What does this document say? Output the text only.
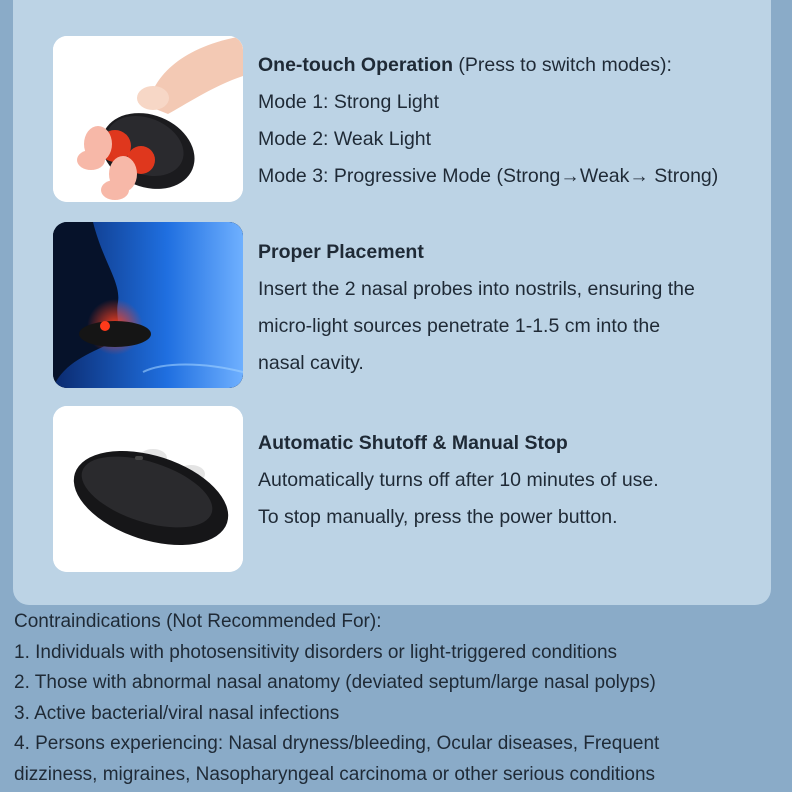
One-touch Operation (Press to switch modes):
Mode 1: Strong Light
Mode 2: Weak Light
Mode 3: Progressive Mode (Strong→Weak→ Strong)
Proper Placement
Insert the 2 nasal probes into nostrils, ensuring the
micro-light sources penetrate 1-1.5 cm into the
nasal cavity.
Automatic Shutoff & Manual Stop
Automatically turns off after 10 minutes of use.
To stop manually, press the power button.
Contraindications (Not Recommended For):
1. Individuals with photosensitivity disorders or light-triggered conditions
2. Those with abnormal nasal anatomy (deviated septum/large nasal polyps)
3. Active bacterial/viral nasal infections
4. Persons experiencing: Nasal dryness/bleeding, Ocular diseases, Frequent
dizziness, migraines, Nasopharyngeal carcinoma or other serious conditions
